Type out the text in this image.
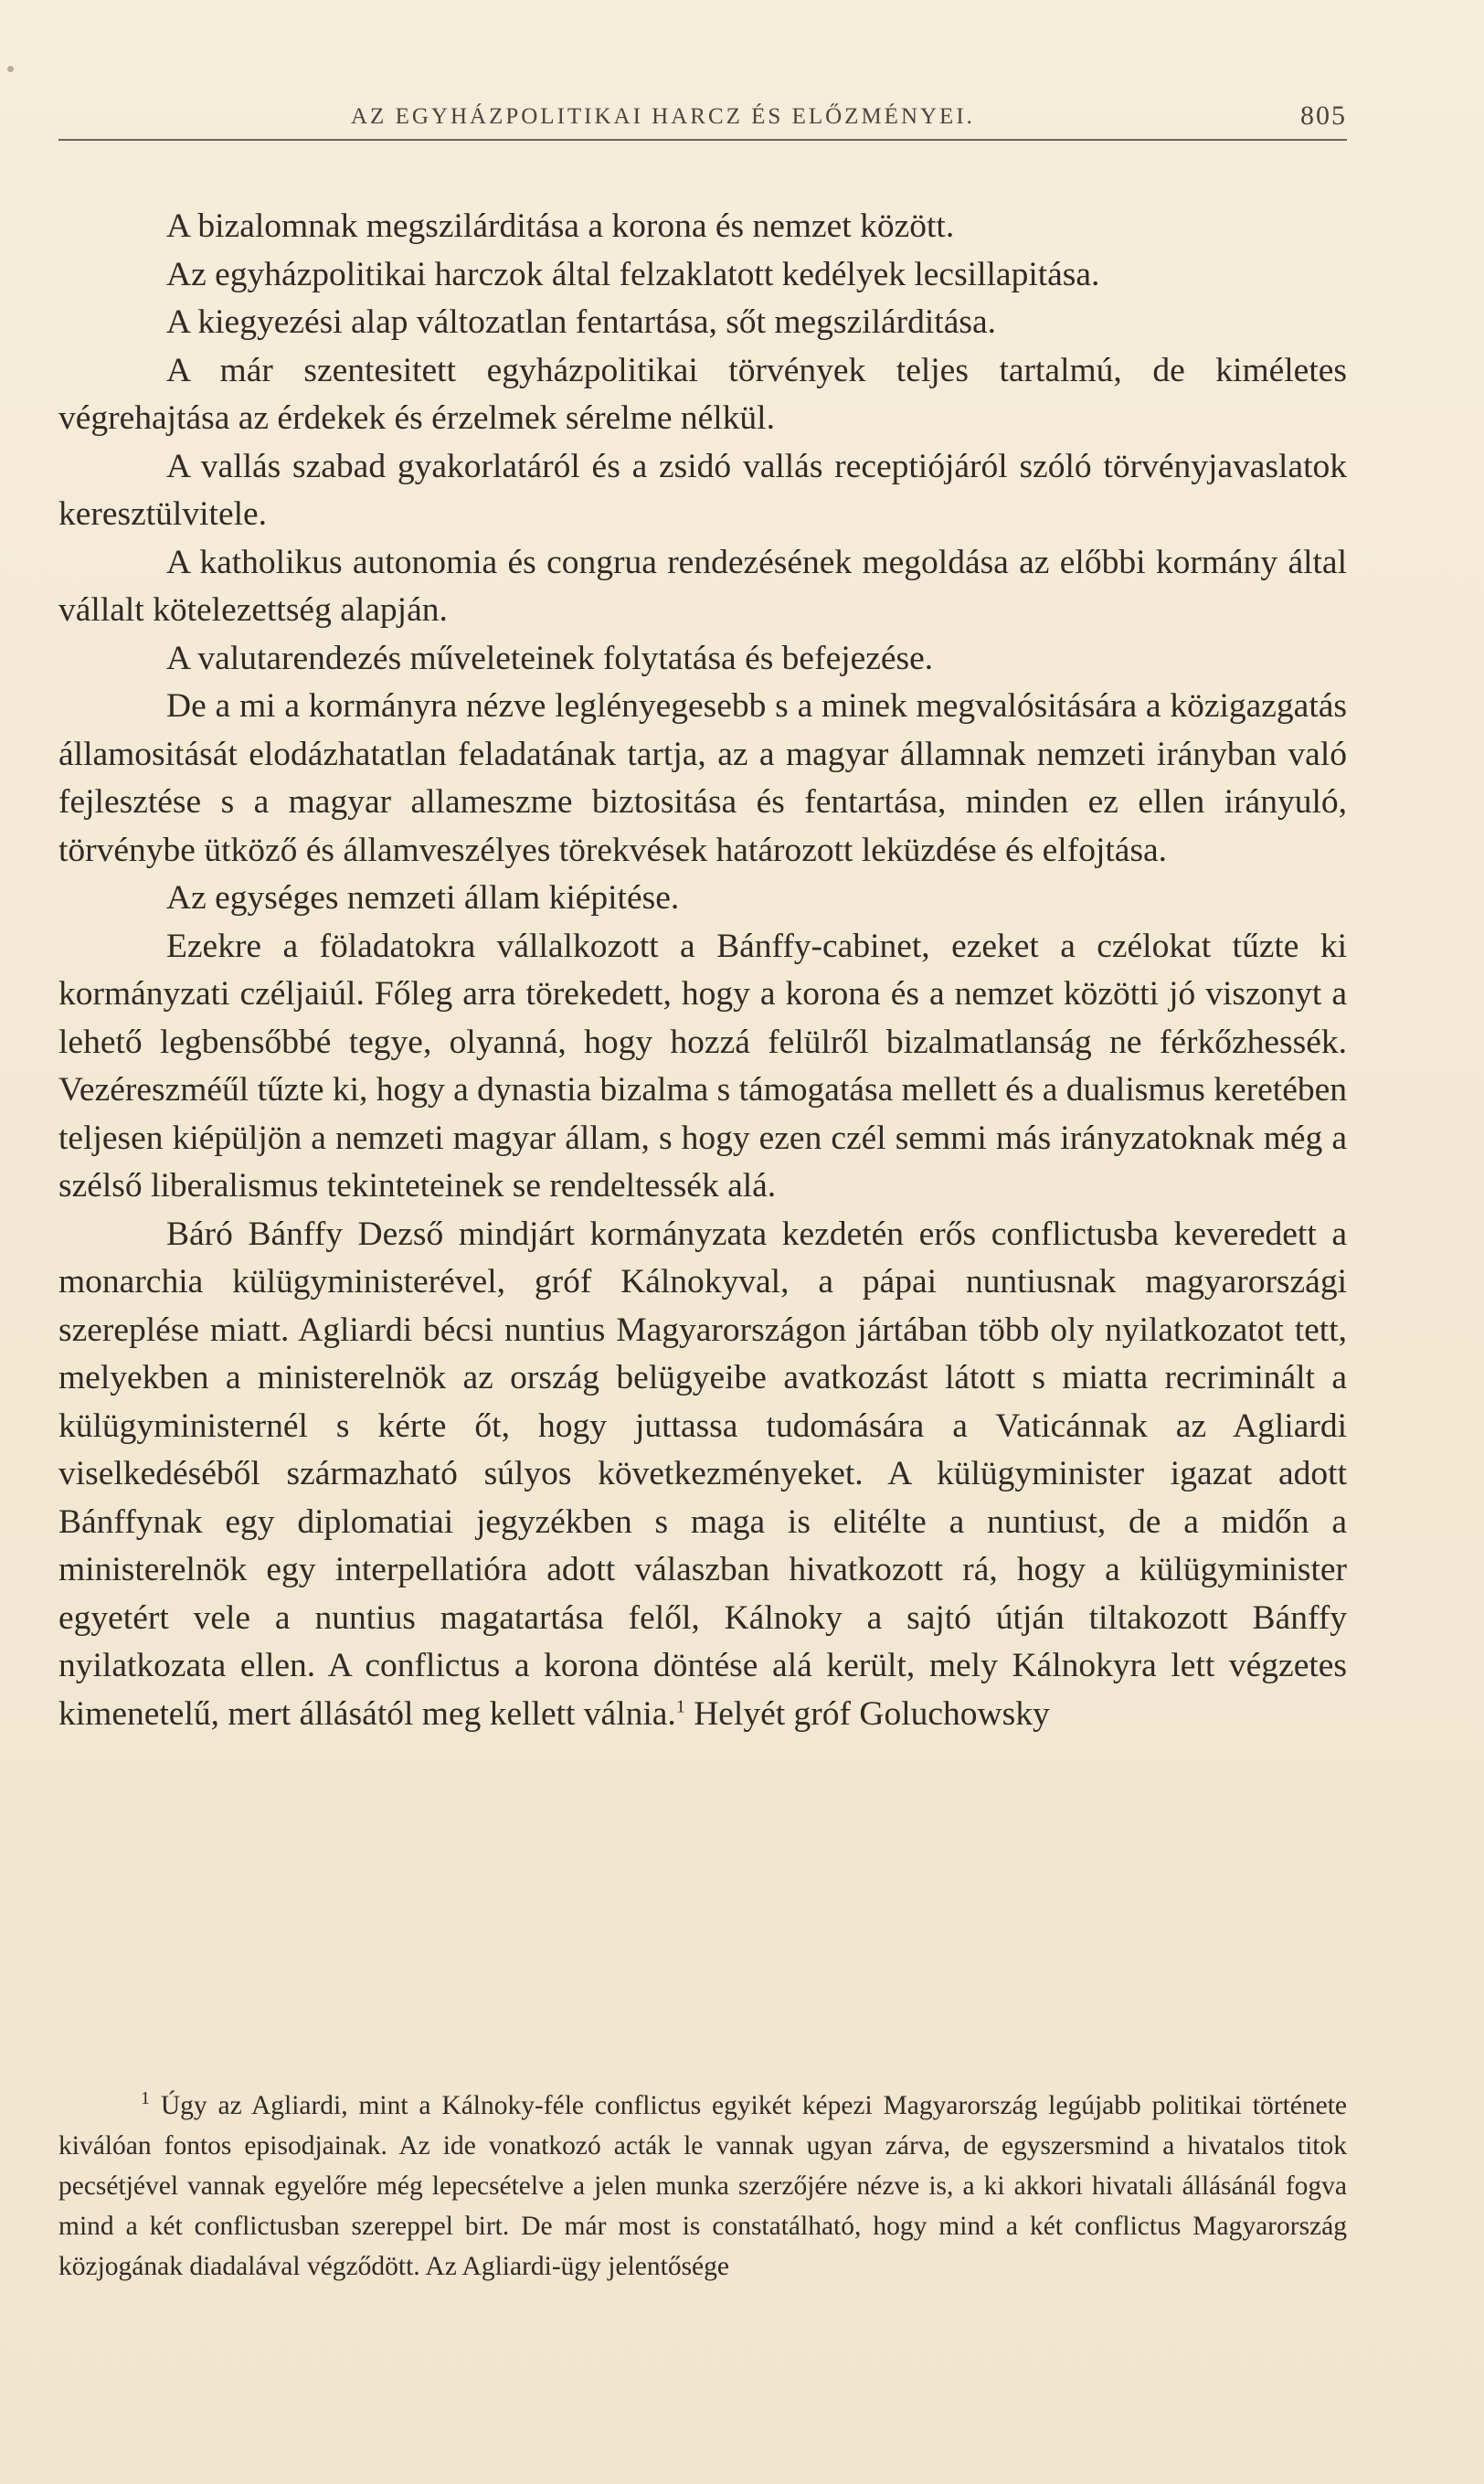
AZ EGYHÁZPOLITIKAI HARCZ ÉS ELŐZMÉNYEI.	805

A bizalomnak megszilárditása a korona és nemzet között.

Az egyházpolitikai harczok által felzaklatott kedélyek lecsillapitása.

A kiegyezési alap változatlan fentartása, sőt megszilárditása.

A már szentesitett egyházpolitikai törvények teljes tartalmú, de kiméletes végrehajtása az érdekek és érzelmek sérelme nélkül.

A vallás szabad gyakorlatáról és a zsidó vallás receptiójáról szóló törvényjavaslatok keresztülvitele.

A katholikus autonomia és congrua rendezésének megoldása az előbbi kormány által vállalt kötelezettség alapján.

A valutarendezés műveleteinek folytatása és befejezése.

De a mi a kormányra nézve leglényegesebb s a minek megvalósitására a közigazgatás államositását elodázhatatlan feladatának tartja, az a magyar államnak nemzeti irányban való fejlesztése s a magyar allameszme biztositása és fentartása, minden ez ellen irányuló, törvénybe ütköző és államveszélyes törekvések határozott leküzdése és elfojtása.

Az egységes nemzeti állam kiépitése.

Ezekre a föladatokra vállalkozott a Bánffy-cabinet, ezeket a czélokat tűzte ki kormányzati czéljaiúl. Főleg arra törekedett, hogy a korona és a nemzet közötti jó viszonyt a lehető legbensőbbé tegye, olyanná, hogy hozzá felülről bizalmatlanság ne férkőzhessék. Vezéreszméűl tűzte ki, hogy a dynastia bizalma s támogatása mellett és a dualismus keretében teljesen kiépüljön a nemzeti magyar állam, s hogy ezen czél semmi más irányzatoknak még a szélső liberalismus tekinteteinek se rendeltessék alá.

Báró Bánffy Dezső mindjárt kormányzata kezdetén erős conflictusba keveredett a monarchia külügyministerével, gróf Kálnokyval, a pápai nuntiusnak magyarországi szereplése miatt. Agliardi bécsi nuntius Magyarországon jártában több oly nyilatkozatot tett, melyekben a ministerelnök az ország belügyeibe avatkozást látott s miatta recriminált a külügyministernél s kérte őt, hogy juttassa tudomására a Vaticánnak az Agliardi viselkedéséből származható súlyos következményeket. A külügyminister igazat adott Bánffynak egy diplomatiai jegyzékben s maga is elitélte a nuntiust, de a midőn a ministerelnök egy interpellatióra adott válaszban hivatkozott rá, hogy a külügyminister egyetért vele a nuntius magatartása felől, Kálnoky a sajtó útján tiltakozott Bánffy nyilatkozata ellen. A conflictus a korona döntése alá került, mely Kálnokyra lett végzetes kimenetelű, mert állásától meg kellett válnia.$^1$ Helyét gróf Goluchowsky

$^1$ Úgy az Agliardi, mint a Kálnoky-féle conflictus egyikét képezi Magyarország legújabb politikai története kiválóan fontos episodjainak. Az ide vonatkozó acták le vannak ugyan zárva, de egyszersmind a hivatalos titok pecsétjével vannak egyelőre még lepecsételve a jelen munka szerzőjére nézve is, a ki akkori hivatali állásánál fogva mind a két conflictusban szereppel birt. De már most is constatálható, hogy mind a két conflictus Magyarország közjogának diadalával végződött. Az Agliardi-ügy jelentősége
